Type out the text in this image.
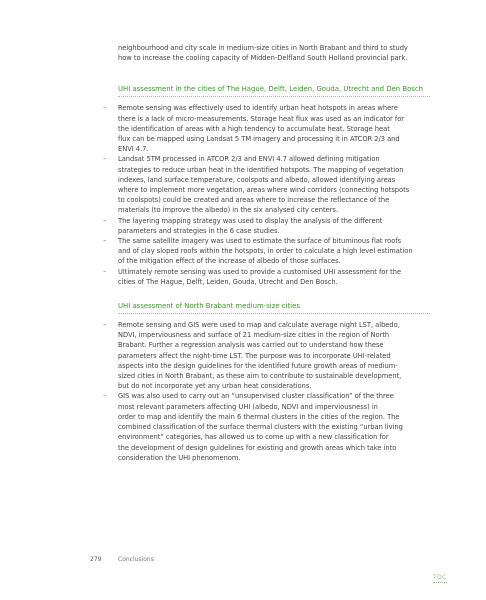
neighbourhood and city scale in medium-size cities in North Brabant and third to study
how to increase the cooling capacity of Midden-Delfland South Holland provincial park.

UHI assessment in the cities of The Hague, Delft, Leiden, Gouda, Utrecht and Den Bosch
– Remote sensing was effectively used to identify urban heat hotspots in areas where
there is a lack of micro-measurements. Storage heat flux was used as an indicator for
the identification of areas with a high tendency to accumulate heat. Storage heat
flux can be mapped using Landsat 5 TM imagery and processing it in ATCOR 2/3 and
ENVI 4.7.
– Landsat 5TM processed in ATCOR 2/3 and ENVI 4.7 allowed defining mitigation
strategies to reduce urban heat in the identified hotspots. The mapping of vegetation
indexes, land surface temperature, coolspots and albedo, allowed identifying areas
where to implement more vegetation, areas where wind corridors (connecting hotspots
to coolspots) could be created and areas where to increase the reflectance of the
materials (to improve the albedo) in the six analysed city centers.
– The layering mapping strategy was used to display the analysis of the different
parameters and strategies in the 6 case studies.
– The same satellite imagery was used to estimate the surface of bituminous flat roofs
and of clay sloped roofs within the hotspots, in order to calculate a high level estimation
of the mitigation effect of the increase of albedo of those surfaces.
– Ultimately remote sensing was used to provide a customised UHI assessment for the
cities of The Hague, Delft, Leiden, Gouda, Utrecht and Den Bosch.
UHI assessment of North Brabant medium-size cities
– Remote sensing and GIS were used to map and calculate average night LST, albedo,
NDVI, imperviousness and surface of 21 medium-size cities in the region of North
Brabant. Further a regression analysis was carried out to understand how these
parameters affect the night-time LST. The purpose was to incorporate UHI-related
aspects into the design guidelines for the identified future growth areas of medium-
sized cities in North Brabant, as these aim to contribute to sustainable development,
but do not incorporate yet any urban heat considerations.
– GIS was also used to carry out an “unsupervised cluster classification” of the three
most relevant parameters affecting UHI (albedo, NDVI and imperviousness) in
order to map and identify the main 6 thermal clusters in the cities of the region. The
combined classification of the surface thermal clusters with the existing “urban living
environment” categories, has allowed us to come up with a new classification for
the development of design guidelines for existing and growth areas which take into
consideration the UHI phenomenom.
279	Conclusions
TOC
